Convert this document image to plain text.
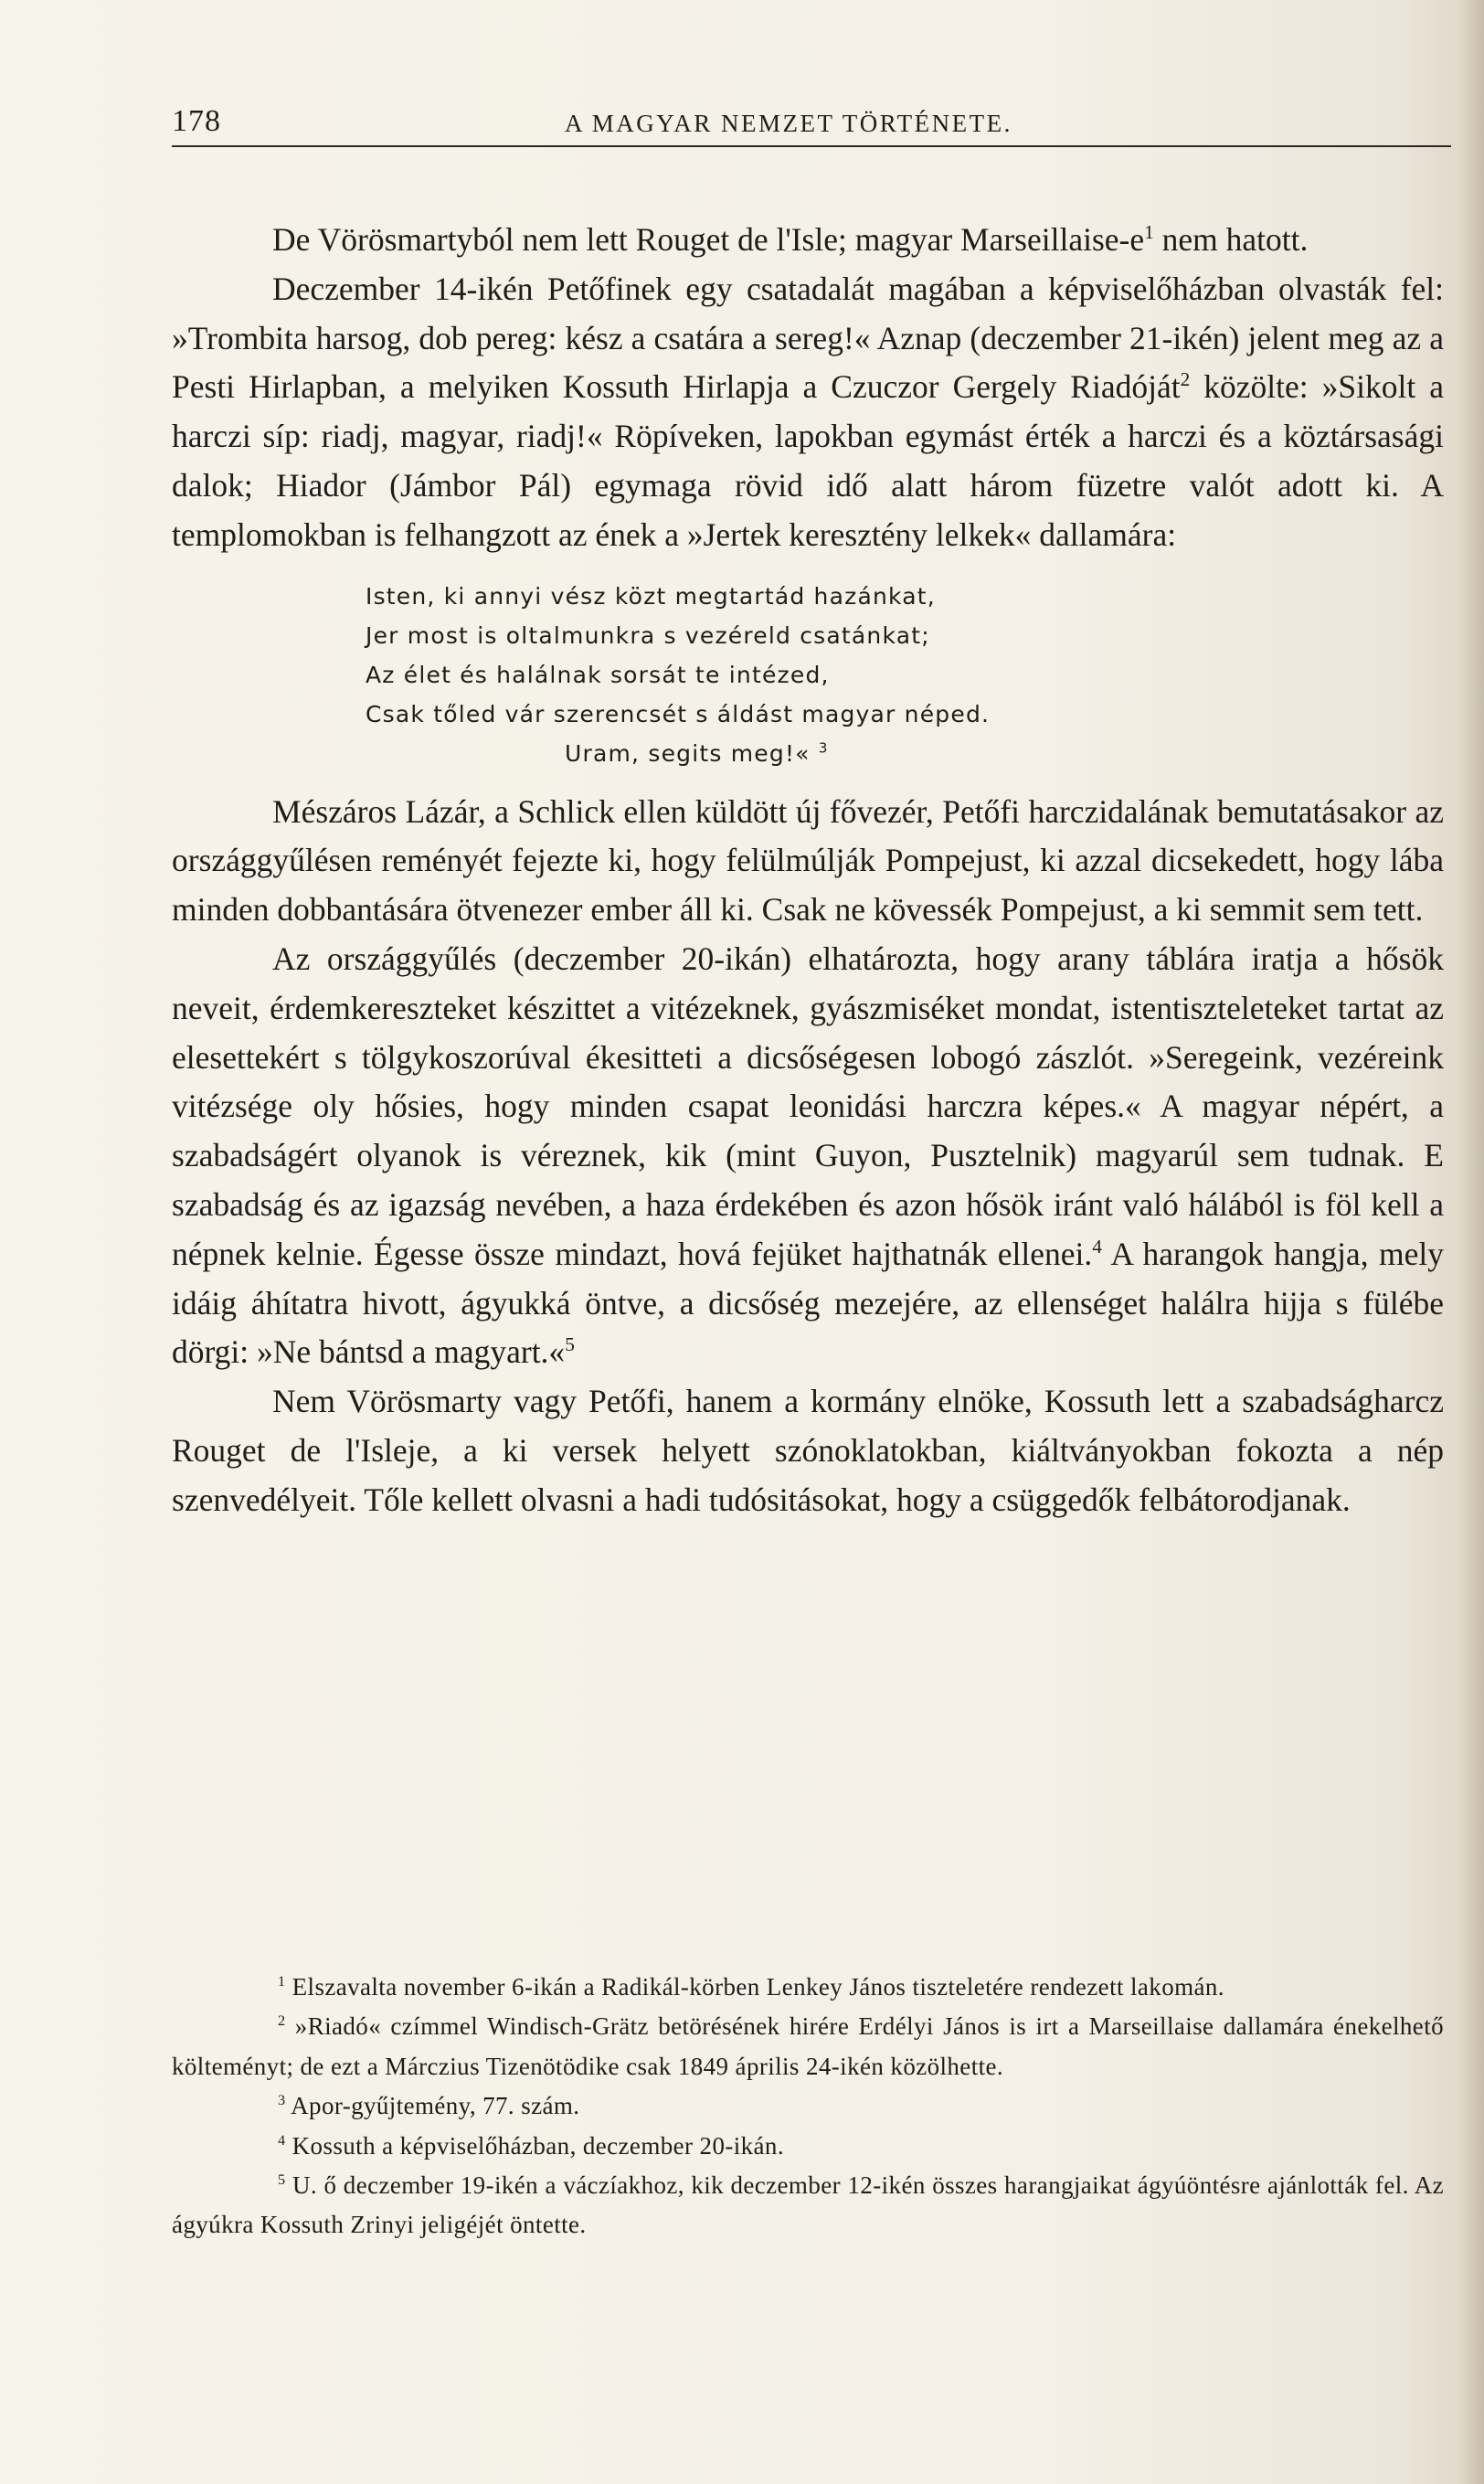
178	A MAGYAR NEMZET TÖRTÉNETE.

De Vörösmartyból nem lett Rouget de l'Isle; magyar Marseillaise-$e^1$ nem hatott.

Deczember 14-ikén Petőfinek egy csatadalát magában a képviselőházban olvasták fel: »Trombita harsog, dob pereg: kész a csatára a sereg!« Aznap (deczember 21-ikén) jelent meg az a Pesti Hirlapban, a melyiken Kossuth Hirlapja a Czuczor Gergely Riadóját$^2$ közölte: »Sikolt a harczi síp: riadj, magyar, riadj!« Röpíveken, lapokban egymást érték a harczi és a köztársasági dalok; Hiador (Jámbor Pál) egymaga rövid idő alatt három füzetre valót adott ki. A templomokban is felhangzott az ének a »Jertek keresztény lelkek« dallamára:

Isten, ki annyi vész közt megtartád hazánkat,
Jer most is oltalmunkra s vezéreld csatánkat;
Az élet és halálnak sorsát te intézed,
Csak tőled vár szerencsét s áldást magyar néped.
Uram, segits meg!« $^3$

Mészáros Lázár, a Schlick ellen küldött új fővezér, Petőfi harczidalának bemutatásakor az országgyűlésen reményét fejezte ki, hogy felülmúlják Pompejust, ki azzal dicsekedett, hogy lába minden dobbantására ötvenezer ember áll ki. Csak ne kövessék Pompejust, a ki semmit sem tett.

Az országgyűlés (deczember 20-ikán) elhatározta, hogy arany táblára iratja a hősök neveit, érdemkereszteket készittet a vitézeknek, gyászmiséket mondat, istentiszteleteket tartat az elesettekért s tölgykoszorúval ékesitteti a dicsőségesen lobogó zászlót. »Seregeink, vezéreink vitézsége oly hősies, hogy minden csapat leonidási harczra képes.« A magyar népért, a szabadságért olyanok is véreznek, kik (mint Guyon, Pusztelnik) magyarúl sem tudnak. E szabadság és az igazság nevében, a haza érdekében és azon hősök iránt való hálából is föl kell a népnek kelnie. Égesse össze mindazt, hová fejüket hajthatnák ellenei.$^4$ A harangok hangja, mely idáig áhítatra hivott, ágyukká öntve, a dicsőség mezejére, az ellenséget halálra hijja s fülébe dörgi: »Ne bántsd a magyart.«$^5$

Nem Vörösmarty vagy Petőfi, hanem a kormány elnöke, Kossuth lett a szabadságharcz Rouget de l'Isleje, a ki versek helyett szónoklatokban, kiáltványokban fokozta a nép szenvedélyeit. Tőle kellett olvasni a hadi tudósitásokat, hogy a csüggedők felbátorodjanak.

$^1$ Elszavalta november 6-ikán a Radikál-körben Lenkey János tiszteletére rendezett lakomán.

$^2$ »Riadó« czímmel Windisch-Grätz betörésének hirére Erdélyi János is irt a Marseillaise dallamára énekelhető költeményt; de ezt a Márczius Tizenötödike csak 1849 április 24-ikén közölhette.

$^3$ Apor-gyűjtemény, 77. szám.

$^4$ Kossuth a képviselőházban, deczember 20-ikán.

$^5$ U. ő deczember 19-ikén a váczíakhoz, kik deczember 12-ikén összes harangjaikat ágyúöntésre ajánlották fel. Az ágyúkra Kossuth Zrinyi jeligéjét öntette.
